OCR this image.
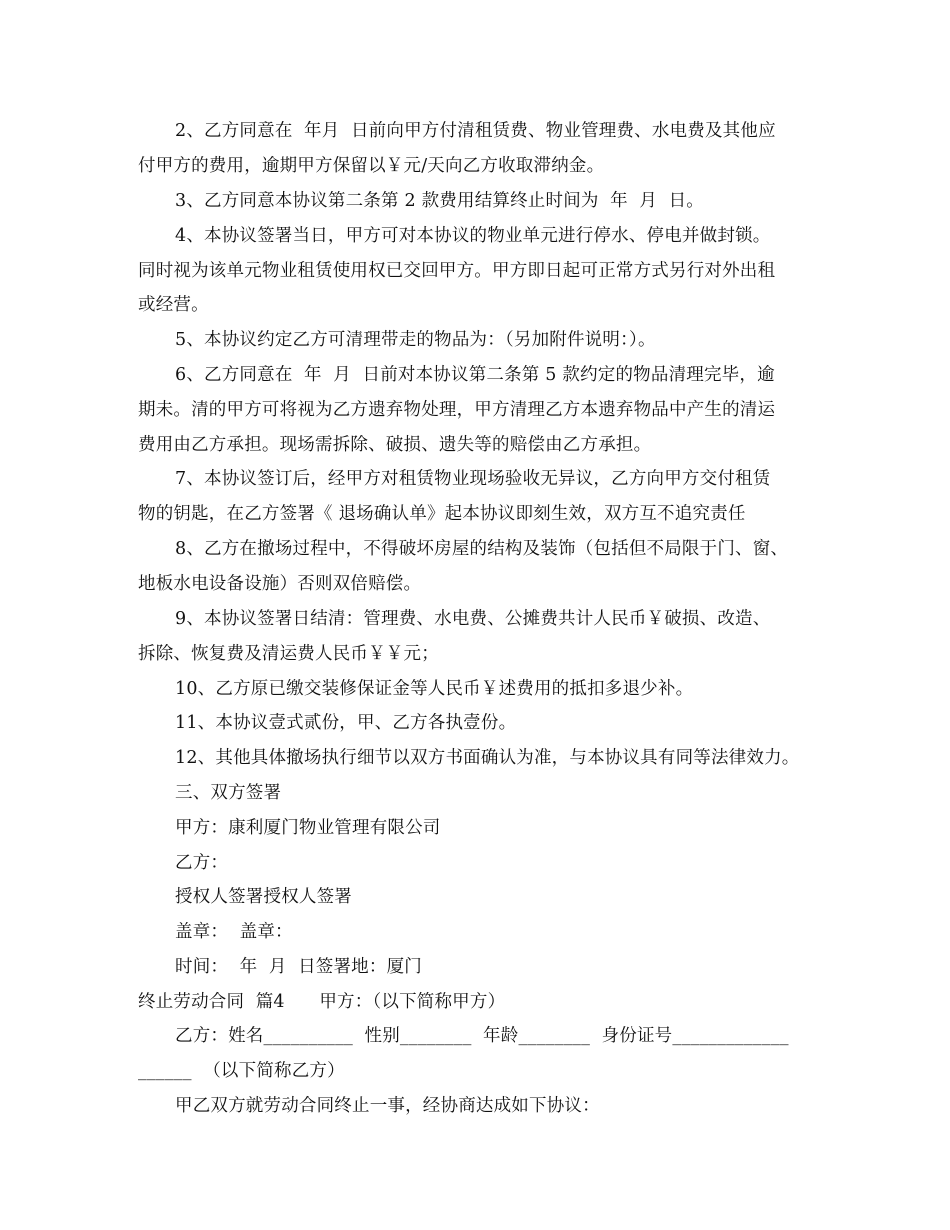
2、乙方同意在  年月  日前向甲方付清租赁费、物业管理费、水电费及其他应
付甲方的费用，逾期甲方保留以￥元/天向乙方收取滞纳金。
3、乙方同意本协议第二条第 2 款费用结算终止时间为  年  月  日。
4、本协议签署当日，甲方可对本协议的物业单元进行停水、停电并做封锁。
同时视为该单元物业租赁使用权已交回甲方。甲方即日起可正常方式另行对外出租
或经营。
5、本协议约定乙方可清理带走的物品为：（另加附件说明：）。
6、乙方同意在  年  月  日前对本协议第二条第 5 款约定的物品清理完毕，逾
期未。清的甲方可将视为乙方遗弃物处理，甲方清理乙方本遗弃物品中产生的清运
费用由乙方承担。现场需拆除、破损、遗失等的赔偿由乙方承担。
7、本协议签订后，经甲方对租赁物业现场验收无异议，乙方向甲方交付租赁
物的钥匙，在乙方签署《 退场确认单》起本协议即刻生效，双方互不追究责任
8、乙方在撤场过程中，不得破坏房屋的结构及装饰（包括但不局限于门、窗、
地板水电设备设施）否则双倍赔偿。
9、本协议签署日结清：管理费、水电费、公摊费共计人民币￥破损、改造、
拆除、恢复费及清运费人民币￥￥元；
10、乙方原已缴交装修保证金等人民币￥述费用的抵扣多退少补。
11、本协议壹式贰份，甲、乙方各执壹份。
12、其他具体撤场执行细节以双方书面确认为准，与本协议具有同等法律效力。
三、双方签署
甲方：康利厦门物业管理有限公司
乙方：
授权人签署授权人签署
盖章：  盖章：
时间：  年  月  日签署地：厦门
终止劳动合同  篇4      甲方：（以下简称甲方）
乙方：姓名__________  性别________  年龄________  身份证号_____________
______  （以下简称乙方）
甲乙双方就劳动合同终止一事，经协商达成如下协议：
